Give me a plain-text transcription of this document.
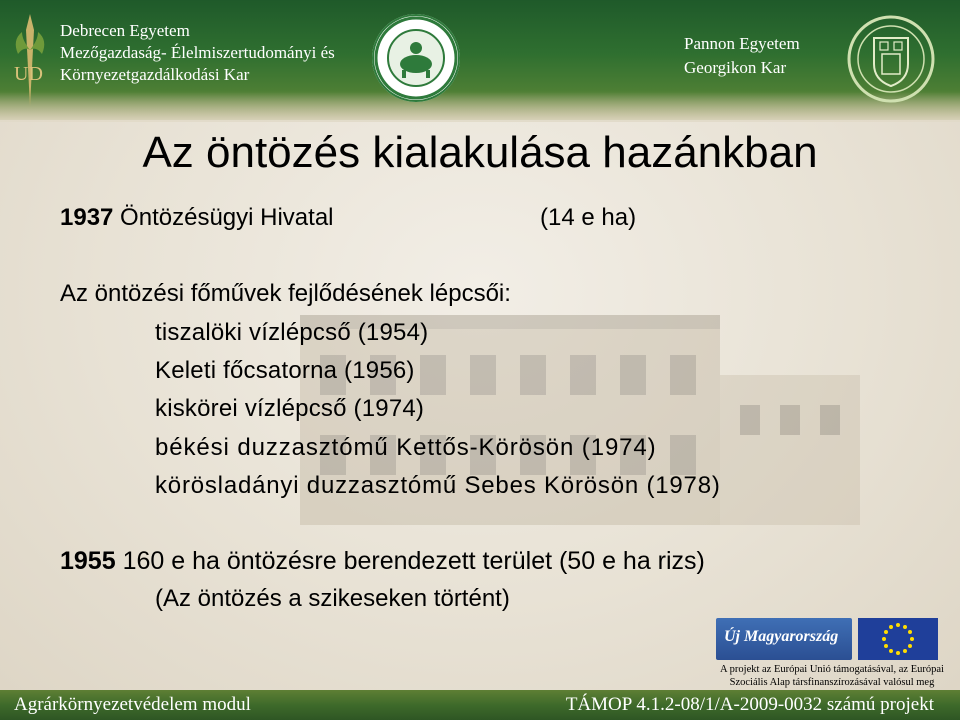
UD
Debrecen Egyetem
Mezőgazdaság- Élelmiszertudományi és
Környezetgazdálkodási Kar
Pannon Egyetem
Georgikon Kar
Az öntözés kialakulása hazánkban
1937 Öntözésügyi Hivatal	(14 e ha)
Az öntözési főművek fejlődésének lépcsői:
tiszalöki vízlépcső (1954)
Keleti főcsatorna (1956)
kiskörei vízlépcső (1974)
békési duzzasztómű Kettős-Körösön (1974)
körösladányi duzzasztómű Sebes Körösön (1978)
1955 160 e ha öntözésre berendezett terület (50 e ha rizs)
(Az öntözés a szikeseken történt)
Új Magyarország
A projekt az Európai Unió támogatásával, az Európai
Szociális Alap társfinanszírozásával valósul meg
Agrárkörnyezetvédelem modul	TÁMOP 4.1.2-08/1/A-2009-0032 számú projekt
